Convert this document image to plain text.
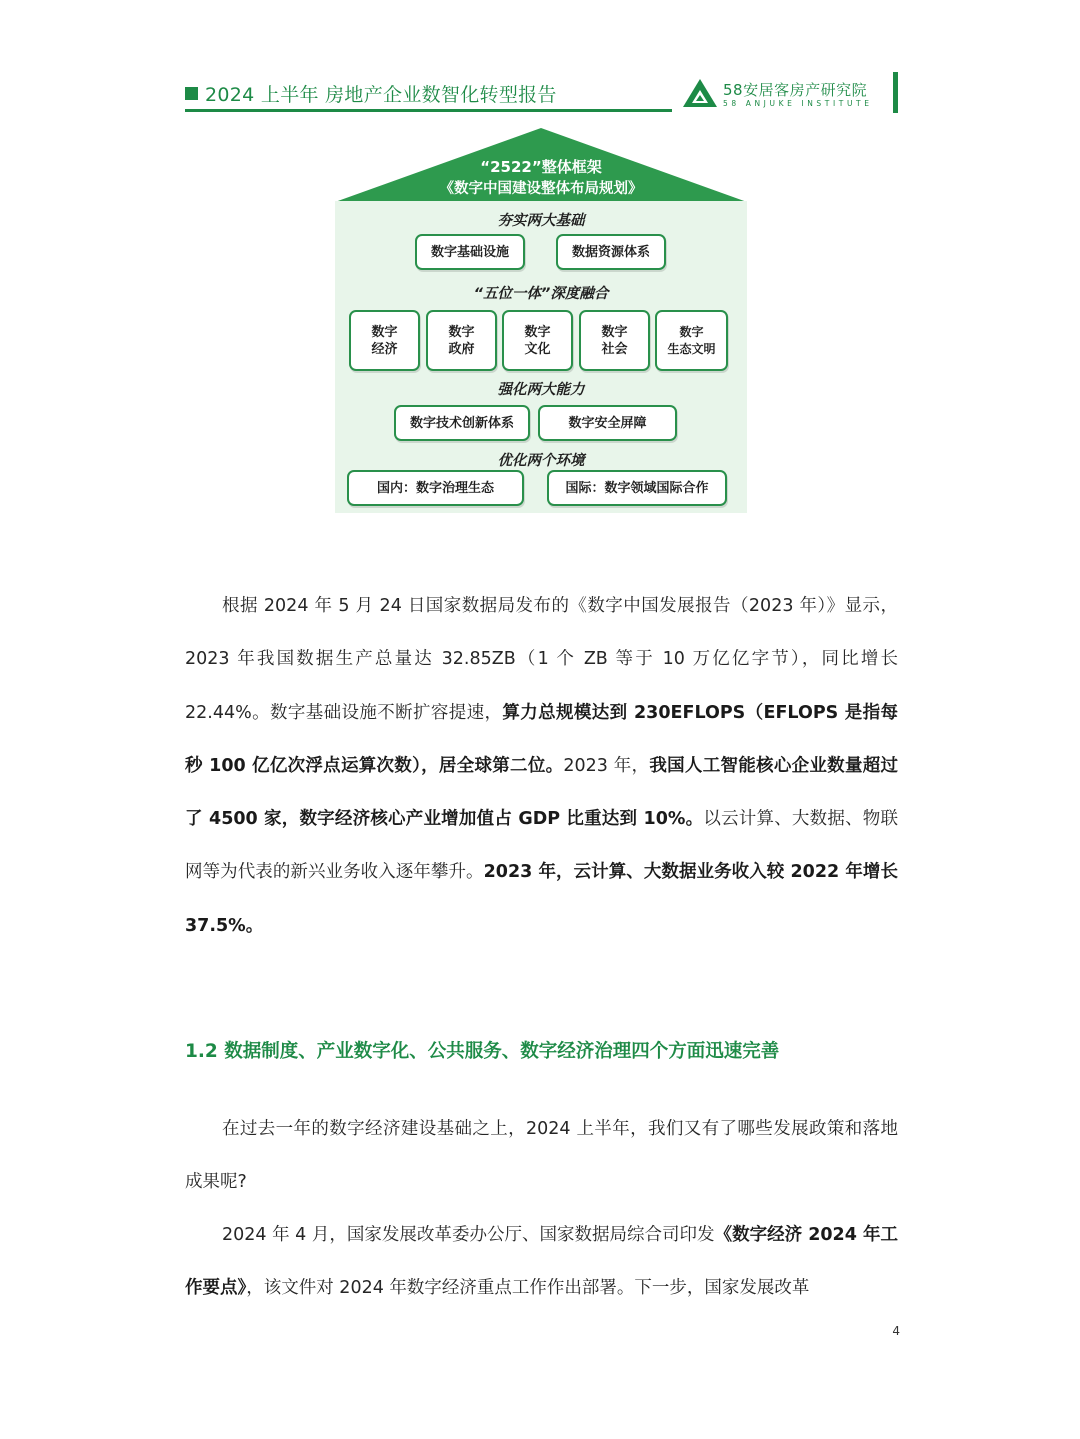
2024 上半年 房地产企业数智化转型报告	58安居客房产研究院
58 ANJUKE INSTITUTE
“2522”整体框架
《数字中国建设整体布局规划》
夯实两大基础
数字基础设施	数据资源体系
“五位一体”深度融合
数字
经济
数字
政府
数字
文化
数字
社会
数字
生态文明
强化两大能力
数字技术创新体系	数字安全屏障
优化两个环境
国内：数字治理生态	国际：数字领域国际合作

根据 2024 年 5 月 24 日国家数据局发布的《数字中国发展报告（2023 年）》显示，2023 年我国数据生产总量达 32.85ZB（1 个 ZB 等于 10 万亿亿字节），同比增长 22.44%。数字基础设施不断扩容提速，算力总规模达到 230EFLOPS（EFLOPS 是指每秒 100 亿亿次浮点运算次数），居全球第二位。2023 年，我国人工智能核心企业数量超过了 4500 家，数字经济核心产业增加值占 GDP 比重达到 10%。以云计算、大数据、物联网等为代表的新兴业务收入逐年攀升。2023 年，云计算、大数据业务收入较 2022 年增长 37.5%。

1.2 数据制度、产业数字化、公共服务、数字经济治理四个方面迅速完善

在过去一年的数字经济建设基础之上，2024 上半年，我们又有了哪些发展政策和落地成果呢?

2024 年 4 月，国家发展改革委办公厅、国家数据局综合司印发《数字经济 2024 年工作要点》，该文件对 2024 年数字经济重点工作作出部署。下一步，国家发展改革

4
